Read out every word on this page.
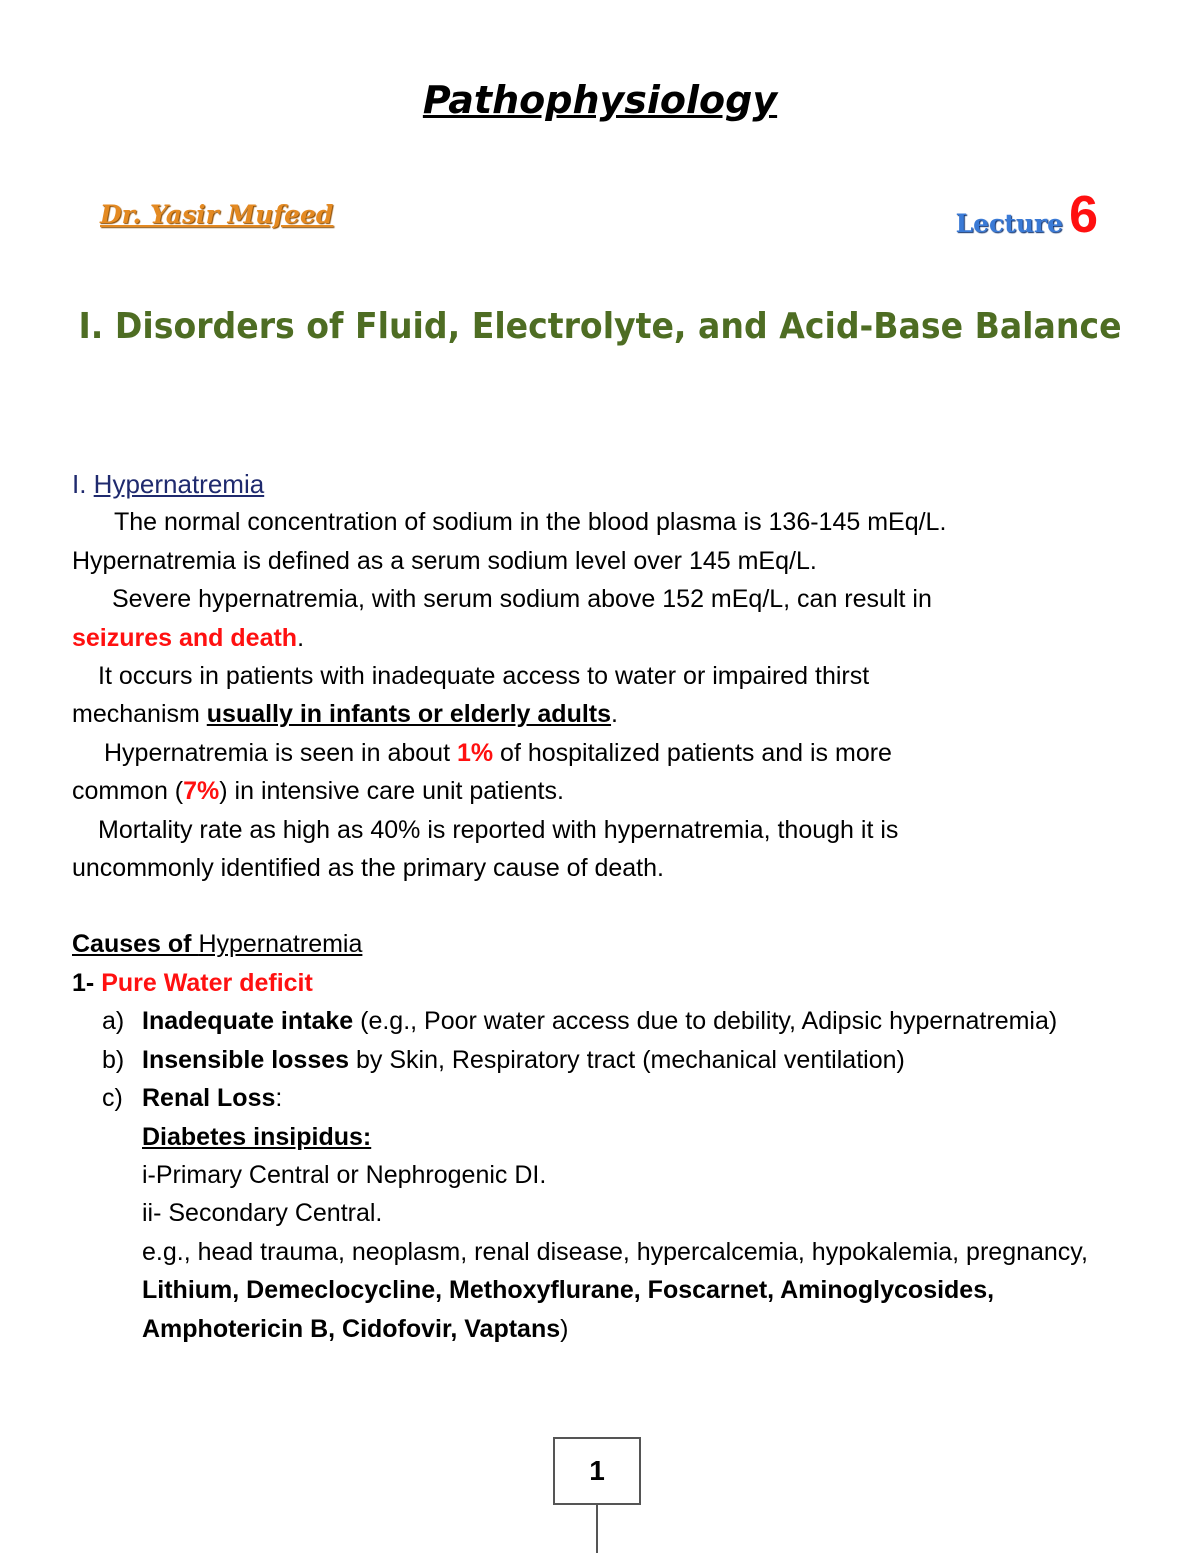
Pathophysiology
Dr. Yasir Mufeed	Lecture 6
I. Disorders of Fluid, Electrolyte, and Acid-Base Balance

I. Hypernatremia

The normal concentration of sodium in the blood plasma is 136-145 mEq/L.

Hypernatremia is defined as a serum sodium level over 145 mEq/L.

Severe hypernatremia, with serum sodium above 152 mEq/L, can result in

seizures and death.

It occurs in patients with inadequate access to water or impaired thirst

mechanism usually in infants or elderly adults.

Hypernatremia is seen in about 1% of hospitalized patients and is more

common (7%) in intensive care unit patients.

Mortality rate as high as 40% is reported with hypernatremia, though it is

uncommonly identified as the primary cause of death.

Causes of Hypernatremia

1- Pure Water deficit

a) Inadequate intake (e.g., Poor water access due to debility, Adipsic hypernatremia)
b) Insensible losses by Skin, Respiratory tract (mechanical ventilation)
c) Renal Loss:

Diabetes insipidus:

i-Primary Central or Nephrogenic DI.

ii- Secondary Central.

e.g., head trauma, neoplasm, renal disease, hypercalcemia, hypokalemia, pregnancy, Lithium, Demeclocycline, Methoxyflurane, Foscarnet, Aminoglycosides, Amphotericin B, Cidofovir, Vaptans)

1
